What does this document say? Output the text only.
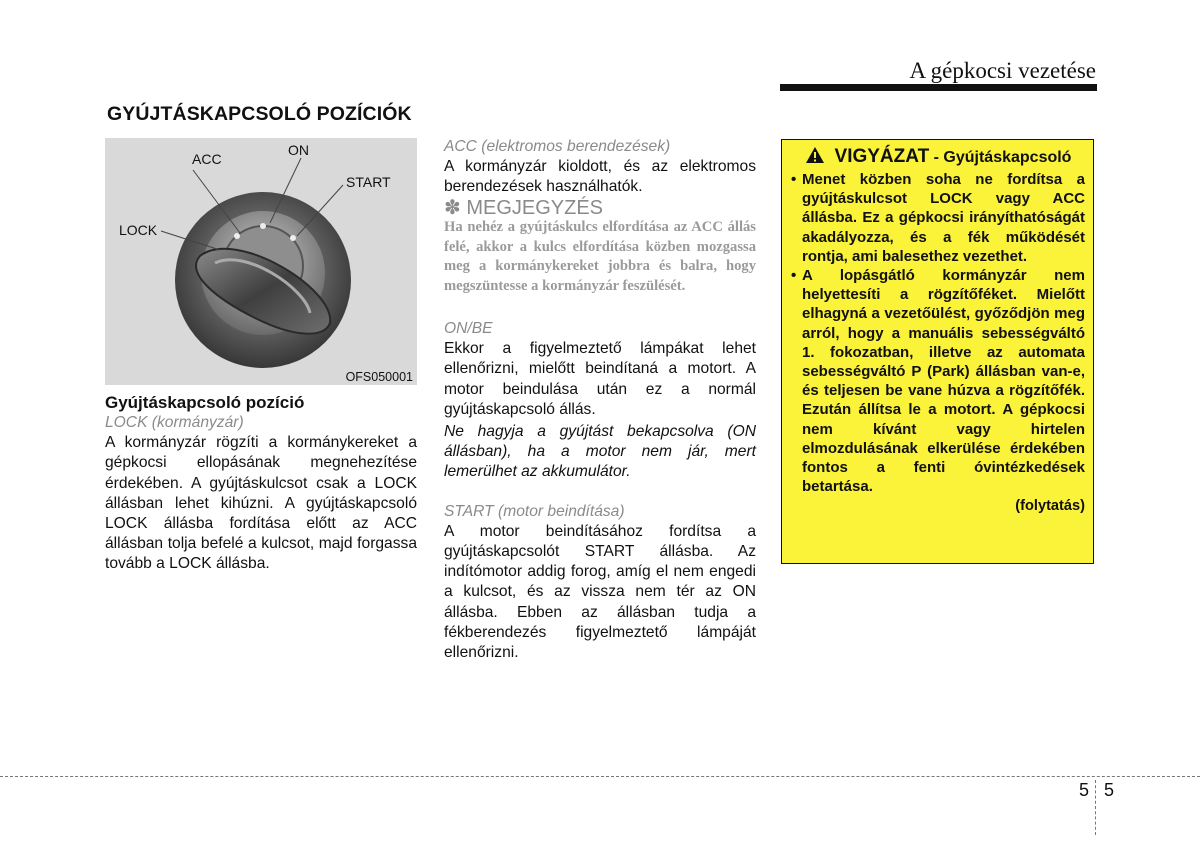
A gépkocsi vezetése
GYÚJTÁSKAPCSOLÓ POZÍCIÓK
ACC
ON
START
LOCK
OFS050001

Gyújtáskapcsoló pozíció

LOCK (kormányzár)

A kormányzár rögzíti a kormánykereket a gépkocsi ellopásának megnehezítése érdekében. A gyújtáskulcsot csak a LOCK állásban lehet kihúzni. A gyújtáskapcsoló LOCK állásba fordítása előtt az ACC állásban tolja befelé a kulcsot, majd forgassa tovább a LOCK állásba.

ACC (elektromos berendezések)

A kormányzár kioldott, és az elektromos berendezések használhatók.

✽ MEGJEGYZÉS

Ha nehéz a gyújtáskulcs elfordítása az ACC állás felé, akkor a kulcs elfordítása közben mozgassa meg a kormánykereket jobbra és balra, hogy megszüntesse a kormányzár feszülését.

ON/BE

Ekkor a figyelmeztető lámpákat lehet ellenőrizni, mielőtt beindítaná a motort. A motor beindulása után ez a normál gyújtáskapcsoló állás.

Ne hagyja a gyújtást bekapcsolva (ON állásban), ha a motor nem jár, mert lemerülhet az akkumulátor.

START (motor beindítása)

A motor beindításához fordítsa a gyújtáskapcsolót START állásba. Az indítómotor addig forog, amíg el nem engedi a kulcsot, és az vissza nem tér az ON állásba. Ebben az állásban tudja a fékberendezés figyelmeztető lámpáját ellenőrizni.

VIGYÁZAT - Gyújtáskapcsoló
• Menet közben soha ne fordítsa a gyújtáskulcsot LOCK vagy ACC állásba. Ez a gépkocsi irányíthatóságát akadályozza, és a fék működését rontja, ami balesethez vezethet.
• A lopásgátló kormányzár nem helyettesíti a rögzítőféket. Mielőtt elhagyná a vezetőülést, győződjön meg arról, hogy a manuális sebességváltó 1. fokozatban, illetve az automata sebességváltó P (Park) állásban van-e, és teljesen be vane húzva a rögzítőfék. Ezután állítsa le a motort. A gépkocsi nem kívánt vagy hirtelen elmozdulásának elkerülése érdekében fontos a fenti óvintézkedések betartása.
(folytatás)
5 5
